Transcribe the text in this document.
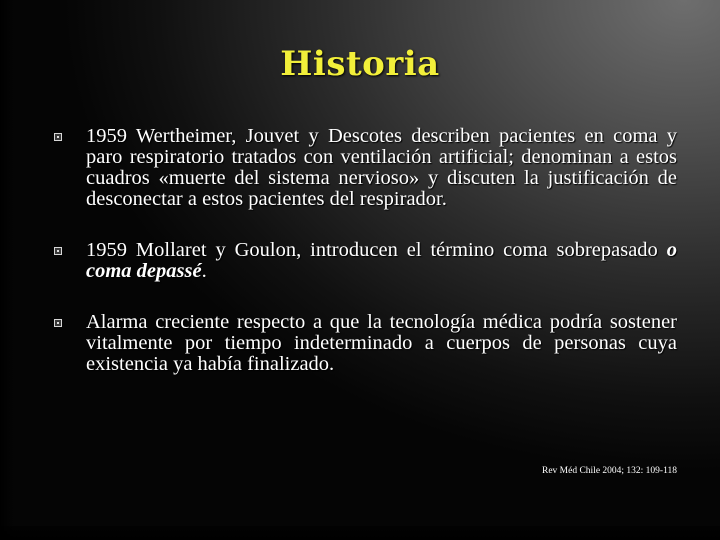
Historia
1959 Wertheimer, Jouvet y Descotes describen pacientes en coma y paro respiratorio tratados con ventilación artificial; denominan a estos cuadros «muerte del sistema nervioso» y discuten la justificación de desconectar a estos pacientes del respirador.
1959 Mollaret y Goulon, introducen el término coma sobrepasado o coma depassé.
Alarma creciente respecto a que la tecnología médica podría sostener vitalmente por tiempo indeterminado a cuerpos de personas cuya existencia ya había finalizado.

Rev Méd Chile 2004; 132: 109-118
